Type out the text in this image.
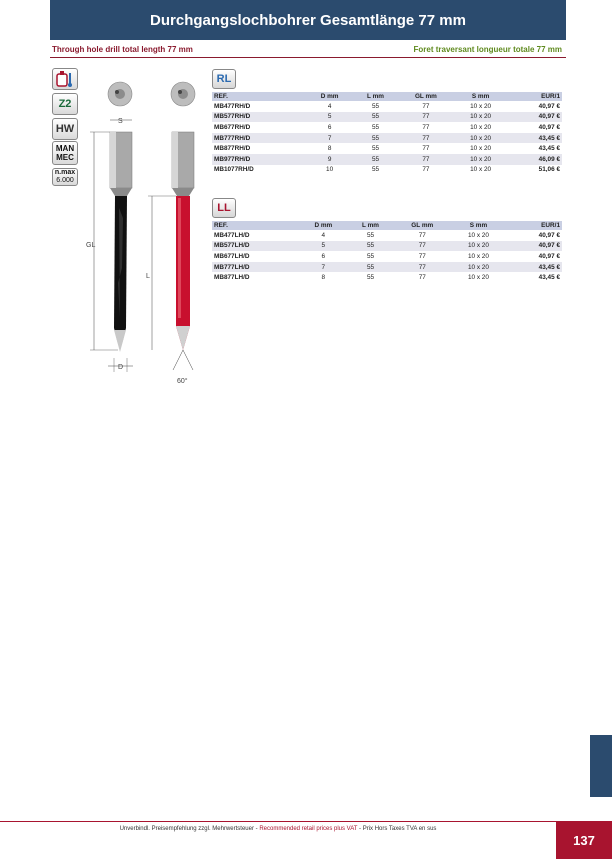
Durchgangslochbohrer Gesamtlänge 77 mm
Through hole drill total length 77 mm	Foret traversant longueur totale 77 mm
Z2
HW
MAN
MEC
n.max
6.000
S
GL
L
D
60°
RL
REF.	D mm	L mm	GL mm	S mm	EUR/1
MB477RH/D	4	55	77	10 x 20	40,97 €
MB577RH/D	5	55	77	10 x 20	40,97 €
MB677RH/D	6	55	77	10 x 20	40,97 €
MB777RH/D	7	55	77	10 x 20	43,45 €
MB877RH/D	8	55	77	10 x 20	43,45 €
MB977RH/D	9	55	77	10 x 20	46,09 €
MB1077RH/D	10	55	77	10 x 20	51,06 €
LL
REF.	D mm	L mm	GL mm	S mm	EUR/1
MB477LH/D	4	55	77	10 x 20	40,97 €
MB577LH/D	5	55	77	10 x 20	40,97 €
MB677LH/D	6	55	77	10 x 20	40,97 €
MB777LH/D	7	55	77	10 x 20	43,45 €
MB877LH/D	8	55	77	10 x 20	43,45 €
Unverbindl. Preisempfehlung zzgl. Mehrwertsteuer - Recommended retail prices plus VAT - Prix Hors Taxes TVA en sus
137
